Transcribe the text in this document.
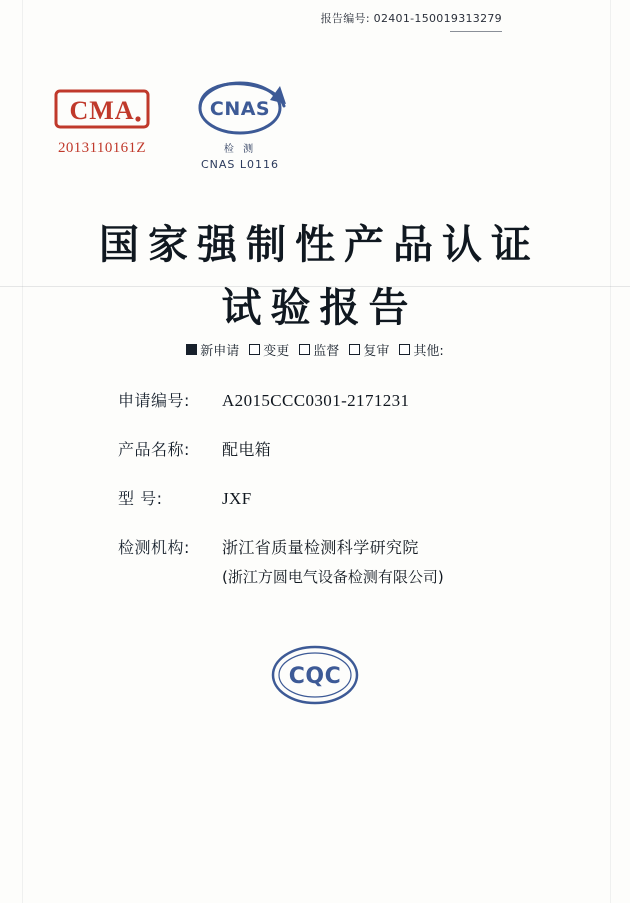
报告编号: 02401-150019313279
CMA
2013110161Z
CNAS
检 测
CNAS L0116
国家强制性产品认证
试验报告
新申请 变更 监督 复审 其他:
申请编号:	A2015CCC0301-2171231
产品名称:	配电箱
型 号:	JXF
检测机构:	浙江省质量检测科学研究院
(浙江方圆电气设备检测有限公司)
CQC
